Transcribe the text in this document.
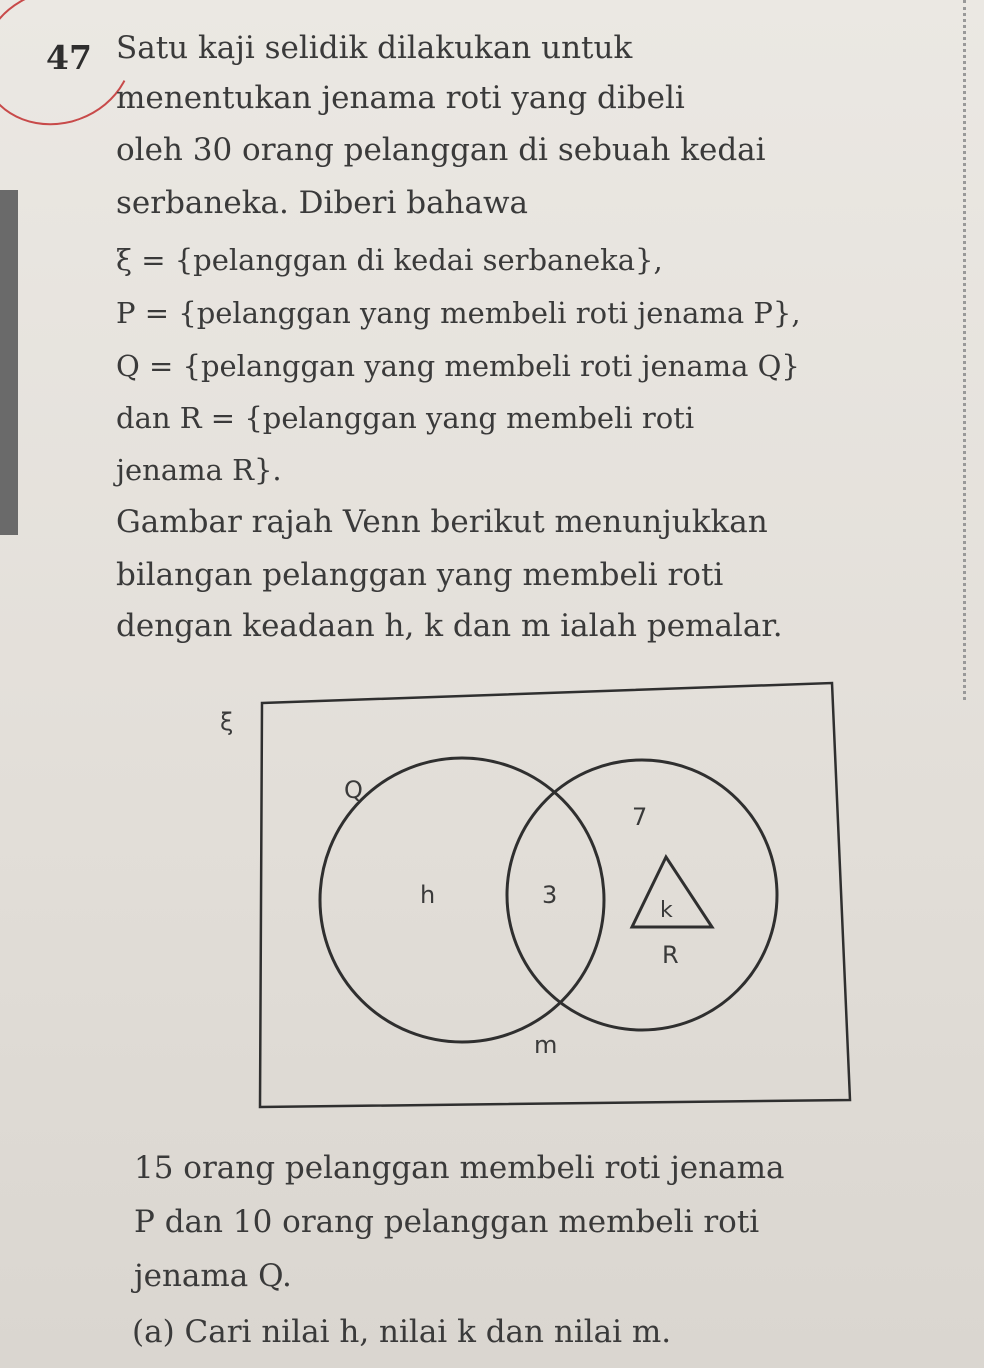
47 Satu kaji selidik dilakukan untuk
menentukan jenama roti yang dibeli
oleh 30 orang pelanggan di sebuah kedai
serbaneka. Diberi bahawa
ξ = {pelanggan di kedai serbaneka},
P = {pelanggan yang membeli roti jenama P},
Q = {pelanggan yang membeli roti jenama Q}
dan R = {pelanggan yang membeli roti
jenama R}.
Gambar rajah Venn berikut menunjukkan
bilangan pelanggan yang membeli roti
dengan keadaan h, k dan m ialah pemalar.
ξ
Q
7
h	3
k
R
m
15 orang pelanggan membeli roti jenama
P dan 10 orang pelanggan membeli roti
jenama Q.
(a) Cari nilai h, nilai k dan nilai m.
